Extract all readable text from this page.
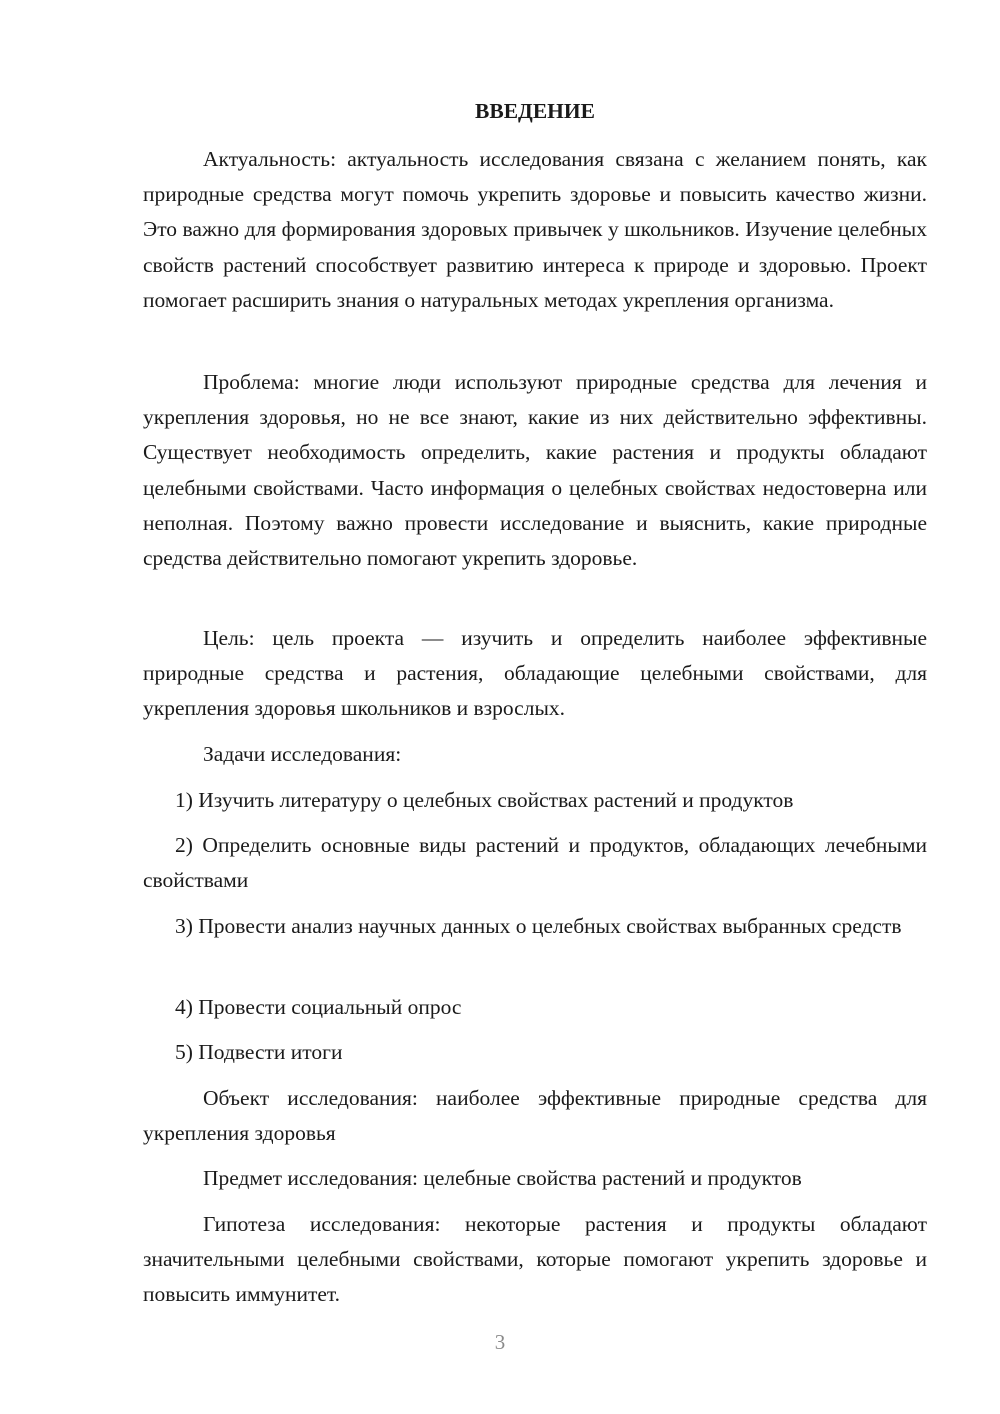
ВВЕДЕНИЕ

Актуальность: актуальность исследования связана с желанием понять, как природные средства могут помочь укрепить здоровье и повысить качество жизни. Это важно для формирования здоровых привычек у школьников. Изучение целебных свойств растений способствует развитию интереса к природе и здоровью. Проект помогает расширить знания о натуральных методах укрепления организма.

Проблема: многие люди используют природные средства для лечения и укрепления здоровья, но не все знают, какие из них действительно эффективны. Существует необходимость определить, какие растения и продукты обладают целебными свойствами. Часто информация о целебных свойствах недостоверна или неполная. Поэтому важно провести исследование и выяснить, какие природные средства действительно помогают укрепить здоровье.

Цель: цель проекта — изучить и определить наиболее эффективные природные средства и растения, обладающие целебными свойствами, для укрепления здоровья школьников и взрослых.

Задачи исследования:

1) Изучить литературу о целебных свойствах растений и продуктов

2) Определить основные виды растений и продуктов, обладающих лечебными свойствами

3) Провести анализ научных данных о целебных свойствах выбранных средств

4) Провести социальный опрос

5) Подвести итоги

Объект исследования: наиболее эффективные природные средства для укрепления здоровья

Предмет исследования: целебные свойства растений и продуктов

Гипотеза исследования: некоторые растения и продукты обладают значительными целебными свойствами, которые помогают укрепить здоровье и повысить иммунитет.

3
